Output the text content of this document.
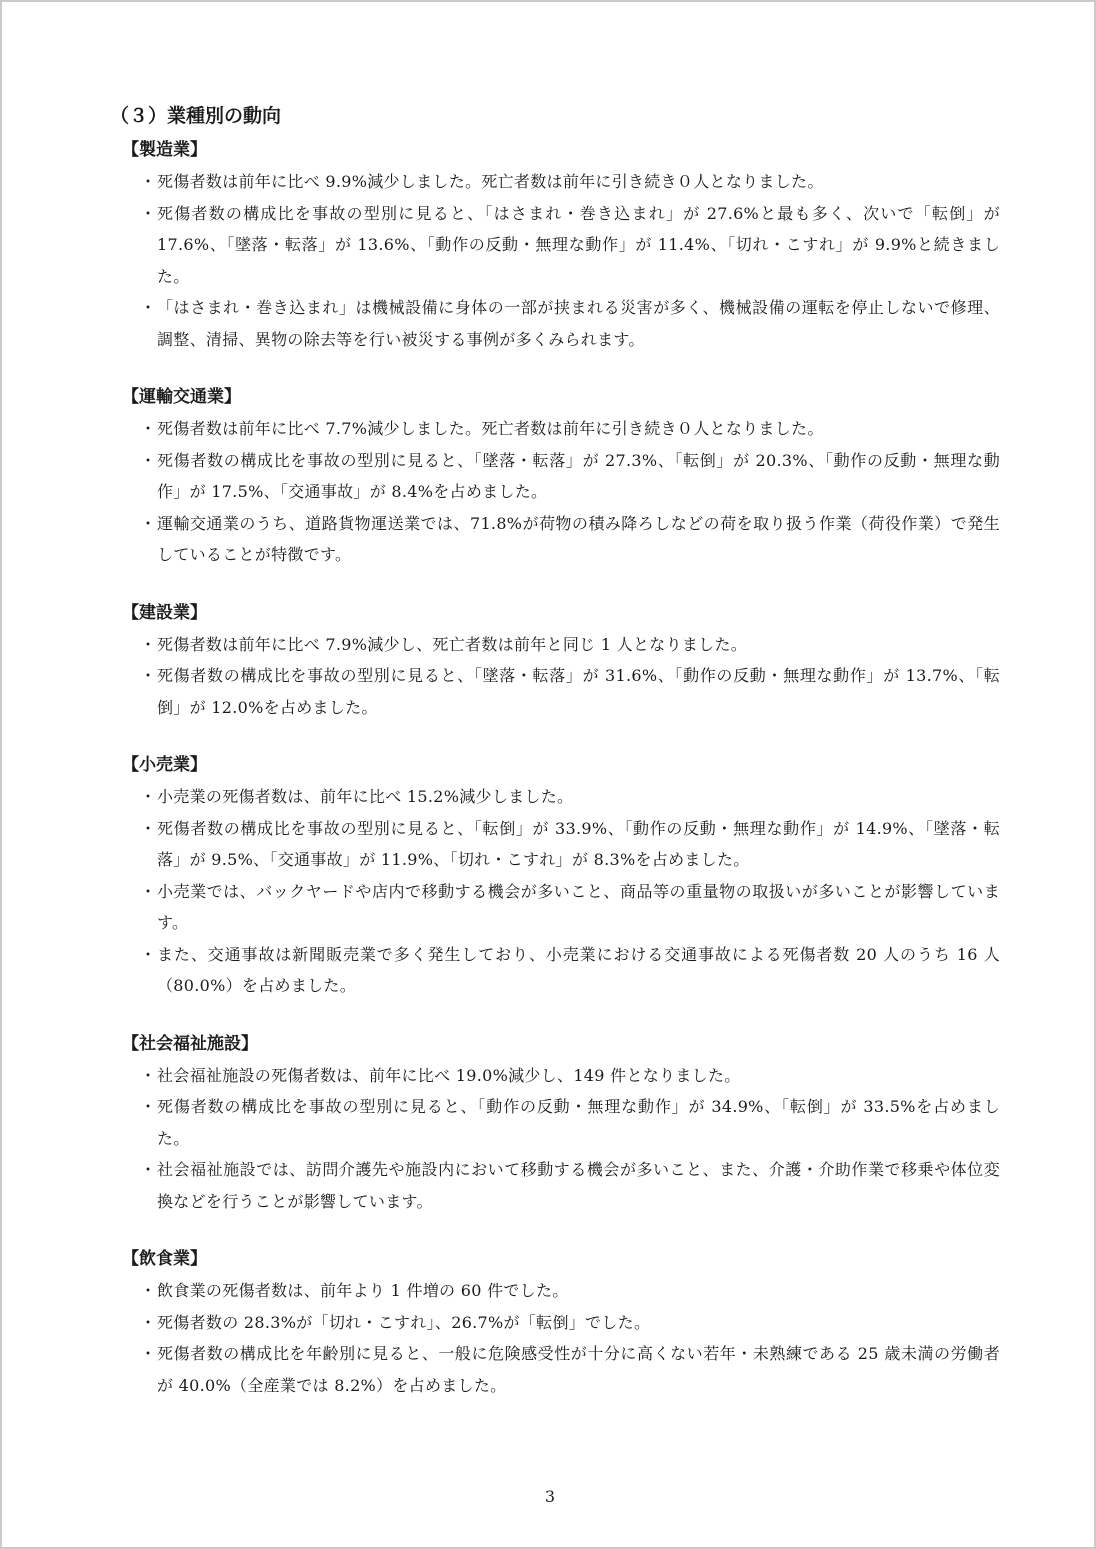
（３）業種別の動向
【製造業】
・ 死傷者数は前年に比べ 9.9%減少しました。死亡者数は前年に引き続き０人となりました。
・ 死傷者数の構成比を事故の型別に見ると、「はさまれ・巻き込まれ」が 27.6%と最も多く、次いで「転倒」が 17.6%、「墜落・転落」が 13.6%、「動作の反動・無理な動作」が 11.4%、「切れ・こすれ」が 9.9%と続きました。
・ 「はさまれ・巻き込まれ」は機械設備に身体の一部が挟まれる災害が多く、機械設備の運転を停止しないで修理、調整、清掃、異物の除去等を行い被災する事例が多くみられます。
【運輸交通業】
・ 死傷者数は前年に比べ 7.7%減少しました。死亡者数は前年に引き続き０人となりました。
・ 死傷者数の構成比を事故の型別に見ると、「墜落・転落」が 27.3%、「転倒」が 20.3%、「動作の反動・無理な動作」が 17.5%、「交通事故」が 8.4%を占めました。
・ 運輸交通業のうち、道路貨物運送業では、71.8%が荷物の積み降ろしなどの荷を取り扱う作業（荷役作業）で発生していることが特徴です。
【建設業】
・ 死傷者数は前年に比べ 7.9%減少し、死亡者数は前年と同じ 1 人となりました。
・ 死傷者数の構成比を事故の型別に見ると、「墜落・転落」が 31.6%、「動作の反動・無理な動作」が 13.7%、「転倒」が 12.0%を占めました。
【小売業】
・ 小売業の死傷者数は、前年に比べ 15.2%減少しました。
・ 死傷者数の構成比を事故の型別に見ると、「転倒」が 33.9%、「動作の反動・無理な動作」が 14.9%、「墜落・転落」が 9.5%、「交通事故」が 11.9%、「切れ・こすれ」が 8.3%を占めました。
・ 小売業では、バックヤードや店内で移動する機会が多いこと、商品等の重量物の取扱いが多いことが影響しています。
・ また、交通事故は新聞販売業で多く発生しており、小売業における交通事故による死傷者数 20 人のうち 16 人（80.0%）を占めました。
【社会福祉施設】
・ 社会福祉施設の死傷者数は、前年に比べ 19.0%減少し、149 件となりました。
・ 死傷者数の構成比を事故の型別に見ると、「動作の反動・無理な動作」が 34.9%、「転倒」が 33.5%を占めました。
・ 社会福祉施設では、訪問介護先や施設内において移動する機会が多いこと、また、介護・介助作業で移乗や体位変換などを行うことが影響しています。
【飲食業】
・ 飲食業の死傷者数は、前年より 1 件増の 60 件でした。
・ 死傷者数の 28.3%が「切れ・こすれ」、26.7%が「転倒」でした。
・ 死傷者数の構成比を年齢別に見ると、一般に危険感受性が十分に高くない若年・未熟練である 25 歳未満の労働者が 40.0%（全産業では 8.2%）を占めました。
3
